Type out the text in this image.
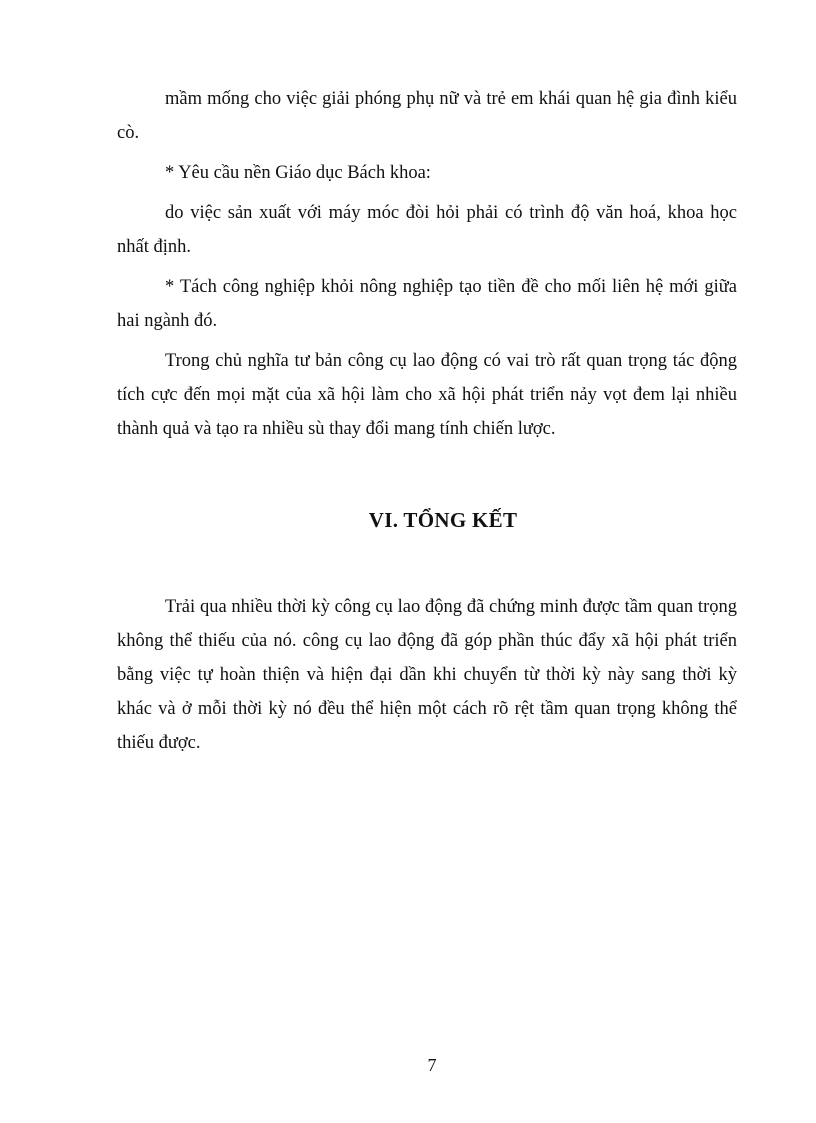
mầm mống cho việc giải phóng phụ nữ và trẻ em khái quan hệ gia đình kiểu cò.

* Yêu cầu nền Giáo dục Bách khoa:

do việc sản xuất với máy móc đòi hỏi phải có trình độ văn hoá, khoa học nhất định.

* Tách công nghiệp khỏi nông nghiệp tạo tiền đề cho mối liên hệ mới giữa hai ngành đó.

Trong chủ nghĩa tư bản công cụ lao động có vai trò rất quan trọng tác động tích cực đến mọi mặt của xã hội làm cho xã hội phát triển nảy vọt đem lại nhiều thành quả và tạo ra nhiều sù thay đổi mang tính chiến lược.

VI. TỔNG KẾT

Trải qua nhiều thời kỳ công cụ lao động đã chứng minh được tầm quan trọng không thể thiếu của nó. công cụ lao động đã góp phần thúc đẩy xã hội phát triển bằng việc tự hoàn thiện và hiện đại dần khi chuyển từ thời kỳ này sang thời kỳ khác và ở mỗi thời kỳ nó đều thể hiện một cách rõ rệt tầm quan trọng không thể thiếu được.

7
